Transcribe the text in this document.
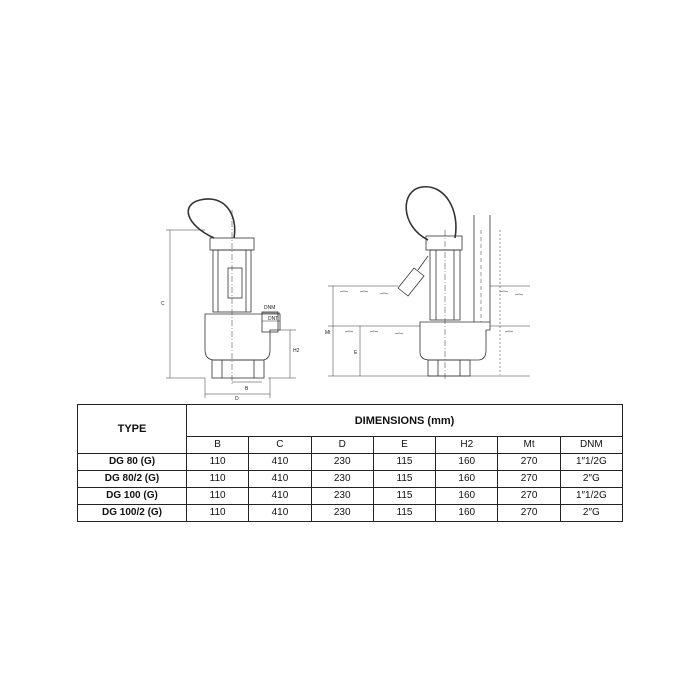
C
H2
B
D
DNM
DNT
Mt
E
TYPE	DIMENSIONS (mm)						
	B	C	D	E	H2	Mt	DNM
DG 80 (G)	110	410	230	115	160	270	1″1/2G
DG 80/2 (G)	110	410	230	115	160	270	2″G
DG 100 (G)	110	410	230	115	160	270	1″1/2G
DG 100/2 (G)	110	410	230	115	160	270	2″G
